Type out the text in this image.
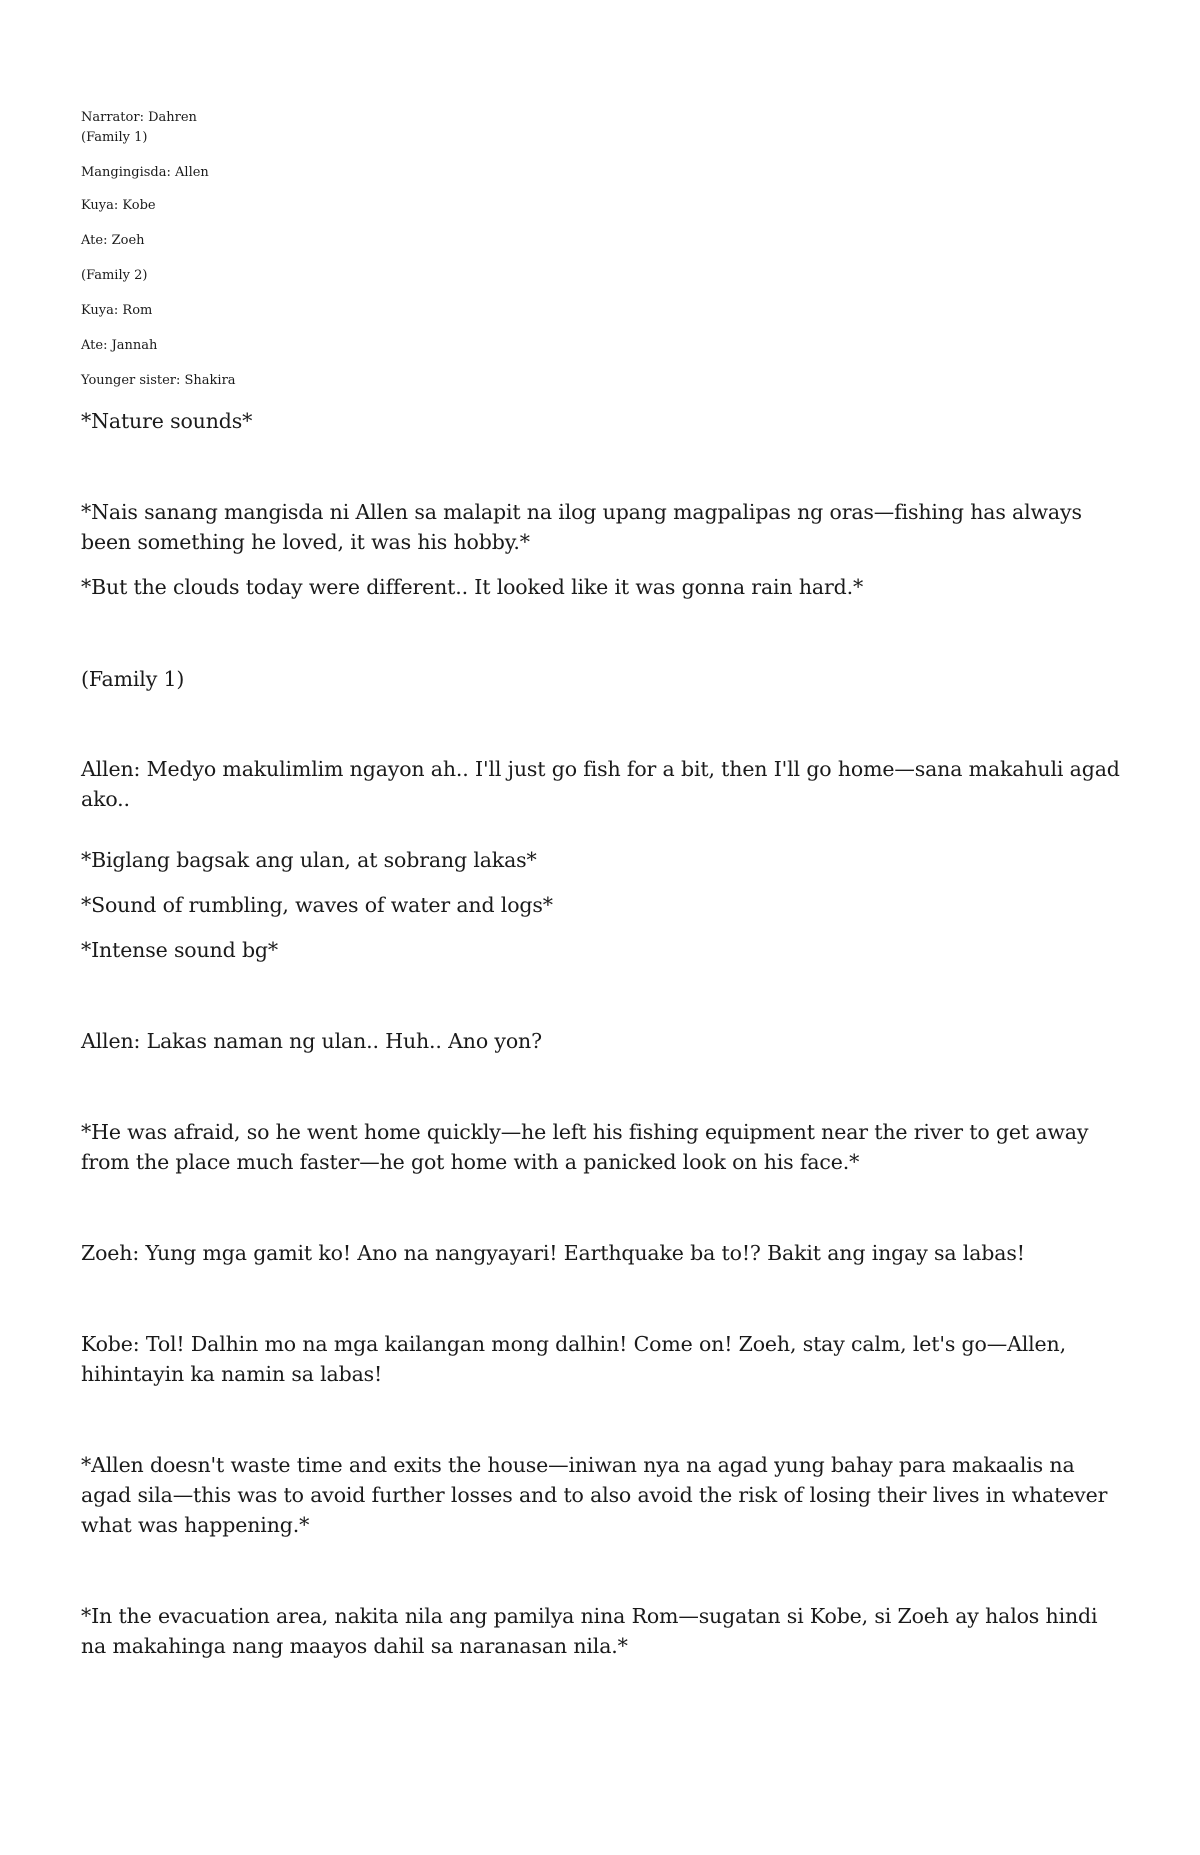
Narrator: Dahren

(Family 1)

Mangingisda: Allen

Kuya: Kobe

Ate: Zoeh

(Family 2)

Kuya: Rom

Ate: Jannah

Younger sister: Shakira

*Nature sounds*

*Nais sanang mangisda ni Allen sa malapit na ilog upang magpalipas ng oras—fishing has always been something he loved, it was his hobby.*

*But the clouds today were different.. It looked like it was gonna rain hard.*

(Family 1)

Allen: Medyo makulimlim ngayon ah.. I'll just go fish for a bit, then I'll go home—sana makahuli agad ako..

*Biglang bagsak ang ulan, at sobrang lakas*

*Sound of rumbling, waves of water and logs*

*Intense sound bg*

Allen: Lakas naman ng ulan.. Huh.. Ano yon?

*He was afraid, so he went home quickly—he left his fishing equipment near the river to get away from the place much faster—he got home with a panicked look on his face.*

Zoeh: Yung mga gamit ko! Ano na nangyayari! Earthquake ba to!? Bakit ang ingay sa labas!

Kobe: Tol! Dalhin mo na mga kailangan mong dalhin! Come on! Zoeh, stay calm, let's go—Allen, hihintayin ka namin sa labas!

*Allen doesn't waste time and exits the house—iniwan nya na agad yung bahay para makaalis na agad sila—this was to avoid further losses and to also avoid the risk of losing their lives in whatever what was happening.*

*In the evacuation area, nakita nila ang pamilya nina Rom—sugatan si Kobe, si Zoeh ay halos hindi na makahinga nang maayos dahil sa naranasan nila.*
